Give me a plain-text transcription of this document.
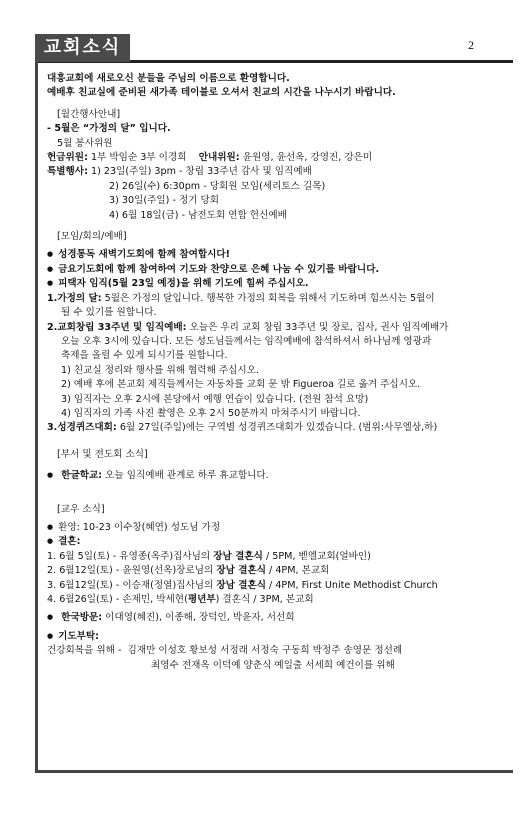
교회소식	2
대흥교회에 새로오신 분들을 주님의 이름으로 환영합니다.
예배후 친교실에 준비된 새가족 테이블로 오셔서 친교의 시간을 나누시기 바랍니다.
[월간행사안내]
- 5월은 “가정의 달” 입니다.
5월 봉사위원
헌금위원: 1부 박임순 3부 이경희 안내위원: 윤원영, 윤선옥, 강영진, 강은미
특별행사: 1) 23일(주일) 3pm - 창립 33주년 감사 및 임직예배
2) 26일(수) 6:30pm - 당회원 모임(세리토스 길목)
3) 30일(주일) - 정기 당회
4) 6월 18일(금) - 남전도회 연합 헌신예배
[모임/회의/예배]
● 성경통독 새벽기도회에 함께 참여합시다!
● 금요기도회에 함께 참여하여 기도와 찬양으로 은혜 나눔 수 있기를 바랍니다.
● 피택자 임직(5월 23일 예정)을 위해 기도에 힘써 주십시오.
1.가정의 달: 5월은 가정의 달입니다. 행복한 가정의 회복을 위해서 기도하며 힘쓰시는 5월이
될 수 있기를 원합니다.
2.교회창립 33주년 및 임직예배: 오늘은 우리 교회 창립 33주년 및 장로, 집사, 권사 임직예배가
오늘 오후 3시에 있습니다. 모든 성도님들께서는 임직예배에 참석하셔서 하나님께 영광과
축제을 올릴 수 있게 되시기를 원합니다.
1) 친교실 정리와 행사를 위해 협력해 주십시오.
2) 예배 후에 본교회 제직들께서는 자동차를 교회 문 밖 Figueroa 길로 옮겨 주십시오.
3) 임직자는 오후 2시에 본당에서 예행 연습이 있습니다. (전원 참석 요망)
4) 임직자의 가족 사진 촬영은 오후 2시 50분까지 마쳐주시기 바랍니다.
3.성경퀴즈대회: 6월 27일(주일)에는 구역별 성경퀴즈대회가 있겠습니다. (범위:사무엘상,하)
[부서 및 전도회 소식]
● 한글학교: 오늘 임직예배 관계로 하루 휴교합니다.
[교우 소식]
● 환영: 10-23 이수창(혜연) 성도님 가정
● 결혼:
1. 6월 5일(토) - 유영종(옥주)집사님의 장남 결혼식 / 5PM, 벧엘교회(얼바인)
2. 6월12일(토) - 윤원영(선옥)장로님의 장남 결혼식 / 4PM, 본교회
3. 6월12일(토) - 이승재(정열)집사님의 장남 결혼식 / 4PM, First Unite Methodist Church
4. 6월26일(토) - 손제민, 박세현(평년부) 결혼식 / 3PM, 본교회
● 한국방문: 이대영(혜진), 이종해, 장덕인, 박윤자, 서선희
● 기도부탁:
건강회복을 위해 - 김재만 이성호 황보성 서정래 서정숙 구동희 박정주 송영문 정선례
최영수 전재옥 이덕예 양춘식 예일출 서세희 예건이를 위해
